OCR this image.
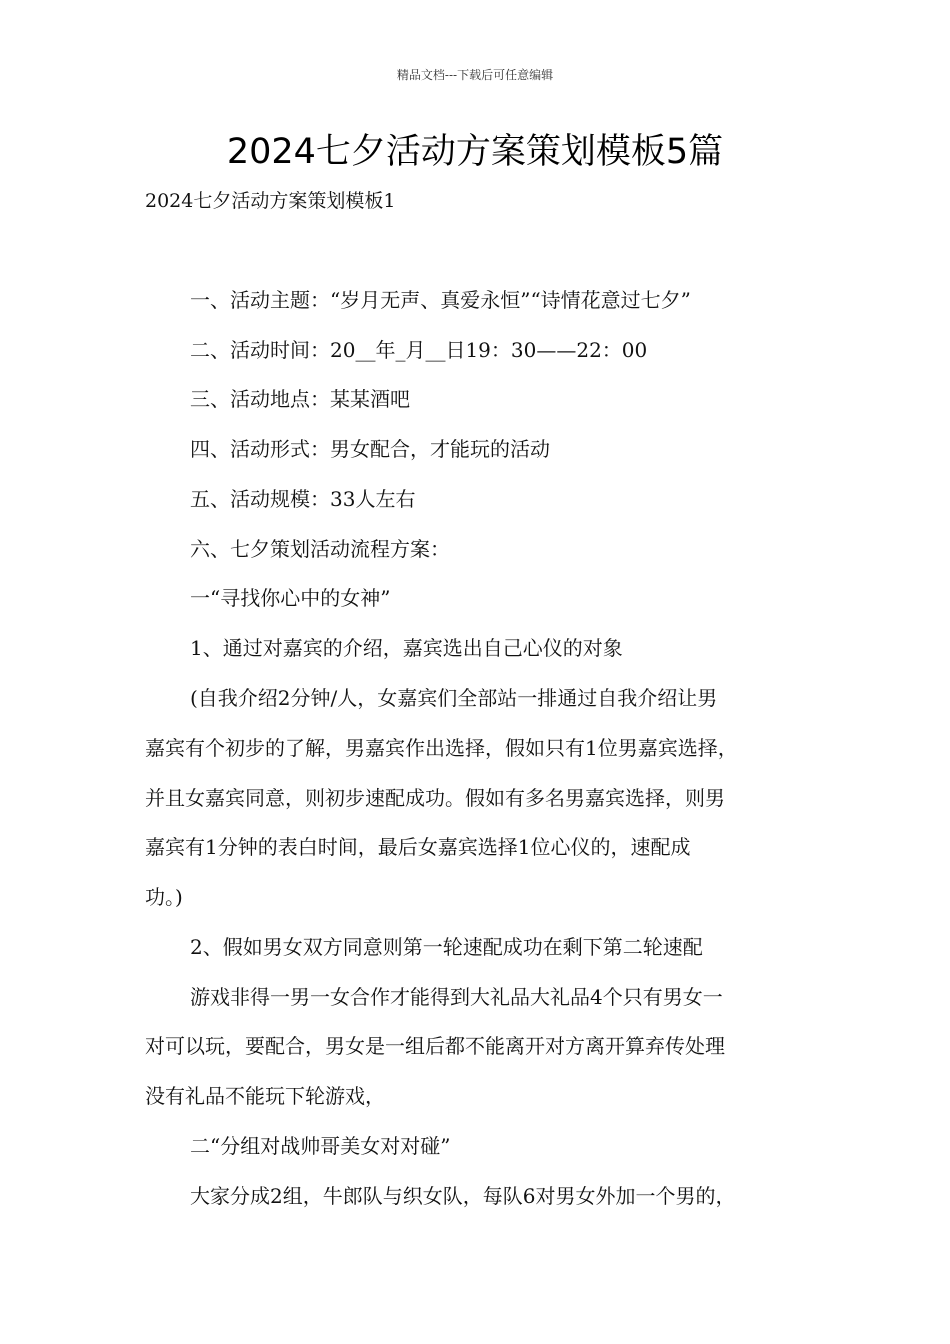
精品文档---下载后可任意编辑
2024七夕活动方案策划模板5篇
2024七夕活动方案策划模板1
一、活动主题：“岁月无声、真爱永恒”“诗情花意过七夕”
二、活动时间：20__年_月__日19：30——22：00
三、活动地点：某某酒吧
四、活动形式：男女配合，才能玩的活动
五、活动规模：33人左右
六、七夕策划活动流程方案：
一“寻找你心中的女神”
1、通过对嘉宾的介绍，嘉宾选出自己心仪的对象
(自我介绍2分钟/人，女嘉宾们全部站一排通过自我介绍让男
嘉宾有个初步的了解，男嘉宾作出选择，假如只有1位男嘉宾选择，
并且女嘉宾同意，则初步速配成功。假如有多名男嘉宾选择，则男
嘉宾有1分钟的表白时间，最后女嘉宾选择1位心仪的，速配成
功。)
2、假如男女双方同意则第一轮速配成功在剩下第二轮速配
游戏非得一男一女合作才能得到大礼品大礼品4个只有男女一
对可以玩，要配合，男女是一组后都不能离开对方离开算弃传处理
没有礼品不能玩下轮游戏，
二“分组对战帅哥美女对对碰”
大家分成2组，牛郎队与织女队，每队6对男女外加一个男的，
